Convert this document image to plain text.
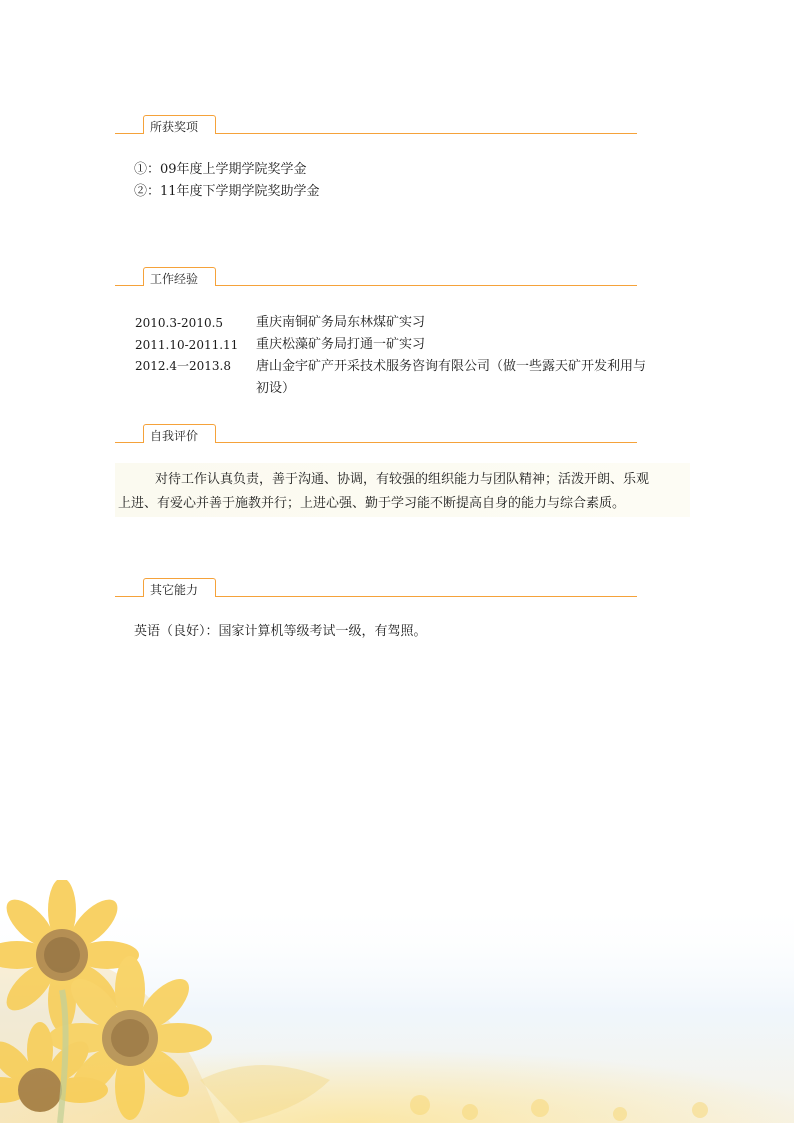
所获奖项
①：09年度上学期学院奖学金
②：11年度下学期学院奖助学金
工作经验
2010.3-2010.5	重庆南铜矿务局东林煤矿实习
2011.10-2011.11 重庆松藻矿务局打通一矿实习
2012.4一2013.8 唐山金宇矿产开采技术服务咨询有限公司（做一些露天矿开发利用与
初设）
自我评价
对待工作认真负责，善于沟通、协调，有较强的组织能力与团队精神；活泼开朗、乐观
上进、有爱心并善于施教并行；上进心强、勤于学习能不断提高自身的能力与综合素质。
其它能力
英语（良好）：国家计算机等级考试一级，有驾照。
